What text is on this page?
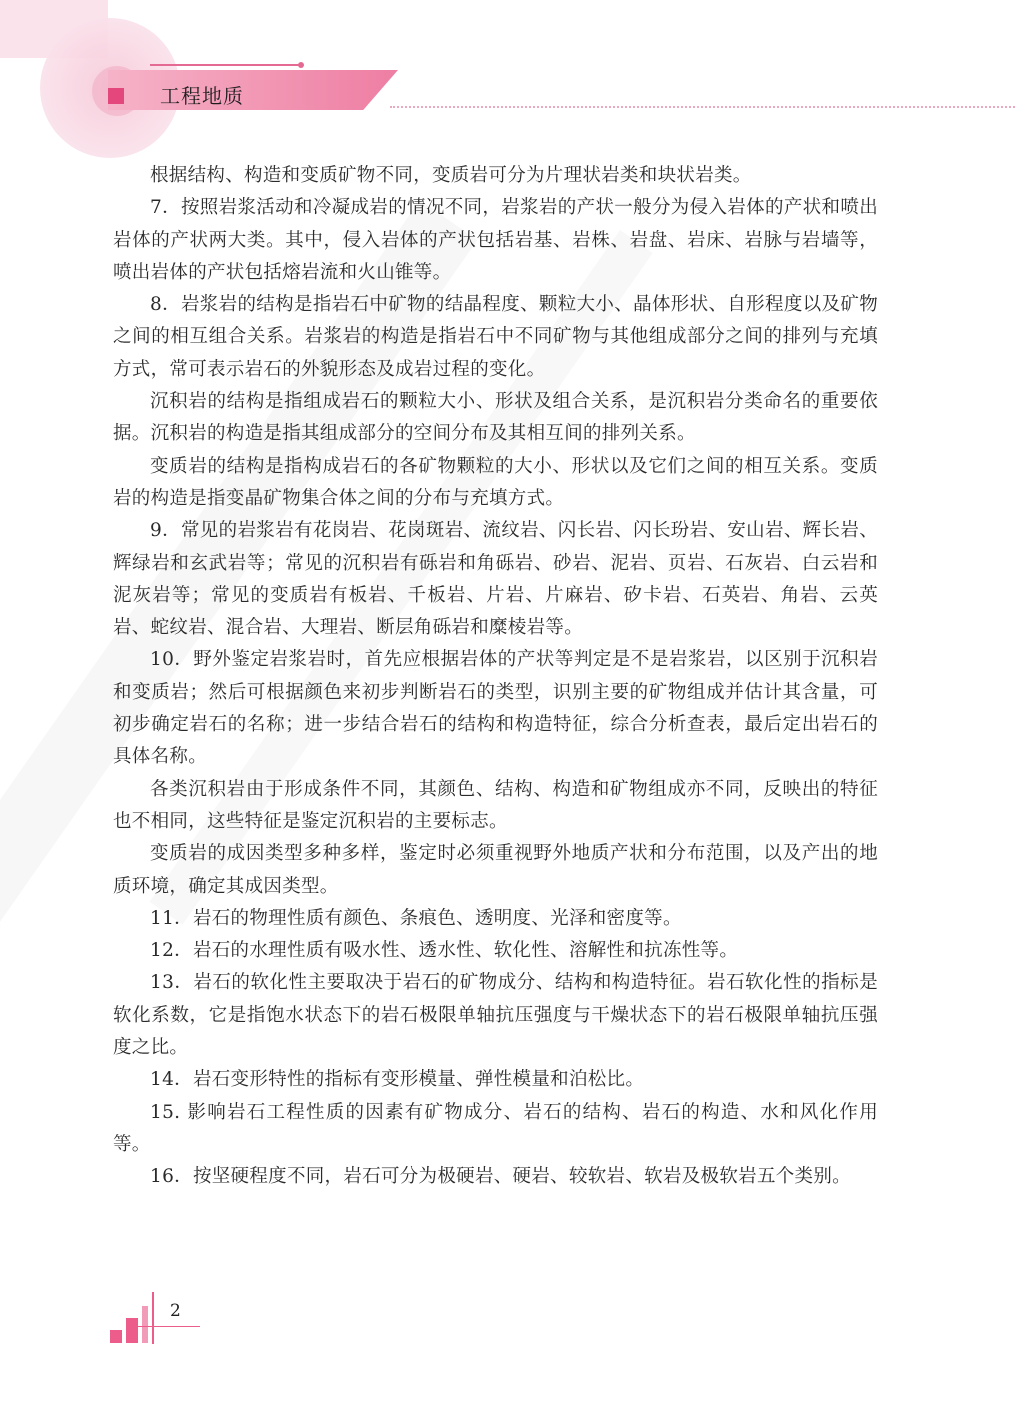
工程地质

根据结构、构造和变质矿物不同，变质岩可分为片理状岩类和块状岩类。

7．按照岩浆活动和冷凝成岩的情况不同，岩浆岩的产状一般分为侵入岩体的产状和喷出岩体的产状两大类。其中，侵入岩体的产状包括岩基、岩株、岩盘、岩床、岩脉与岩墙等，喷出岩体的产状包括熔岩流和火山锥等。

8．岩浆岩的结构是指岩石中矿物的结晶程度、颗粒大小、晶体形状、自形程度以及矿物之间的相互组合关系。岩浆岩的构造是指岩石中不同矿物与其他组成部分之间的排列与充填方式，常可表示岩石的外貌形态及成岩过程的变化。

沉积岩的结构是指组成岩石的颗粒大小、形状及组合关系，是沉积岩分类命名的重要依据。沉积岩的构造是指其组成部分的空间分布及其相互间的排列关系。

变质岩的结构是指构成岩石的各矿物颗粒的大小、形状以及它们之间的相互关系。变质岩的构造是指变晶矿物集合体之间的分布与充填方式。

9．常见的岩浆岩有花岗岩、花岗斑岩、流纹岩、闪长岩、闪长玢岩、安山岩、辉长岩、辉绿岩和玄武岩等；常见的沉积岩有砾岩和角砾岩、砂岩、泥岩、页岩、石灰岩、白云岩和泥灰岩等；常见的变质岩有板岩、千板岩、片岩、片麻岩、矽卡岩、石英岩、角岩、云英岩、蛇纹岩、混合岩、大理岩、断层角砾岩和糜棱岩等。

10．野外鉴定岩浆岩时，首先应根据岩体的产状等判定是不是岩浆岩，以区别于沉积岩和变质岩；然后可根据颜色来初步判断岩石的类型，识别主要的矿物组成并估计其含量，可初步确定岩石的名称；进一步结合岩石的结构和构造特征，综合分析查表，最后定出岩石的具体名称。

各类沉积岩由于形成条件不同，其颜色、结构、构造和矿物组成亦不同，反映出的特征也不相同，这些特征是鉴定沉积岩的主要标志。

变质岩的成因类型多种多样，鉴定时必须重视野外地质产状和分布范围，以及产出的地质环境，确定其成因类型。

11．岩石的物理性质有颜色、条痕色、透明度、光泽和密度等。

12．岩石的水理性质有吸水性、透水性、软化性、溶解性和抗冻性等。

13．岩石的软化性主要取决于岩石的矿物成分、结构和构造特征。岩石软化性的指标是软化系数，它是指饱水状态下的岩石极限单轴抗压强度与干燥状态下的岩石极限单轴抗压强度之比。

14．岩石变形特性的指标有变形模量、弹性模量和泊松比。

15. 影响岩石工程性质的因素有矿物成分、岩石的结构、岩石的构造、水和风化作用等。

16．按坚硬程度不同，岩石可分为极硬岩、硬岩、较软岩、软岩及极软岩五个类别。

2
